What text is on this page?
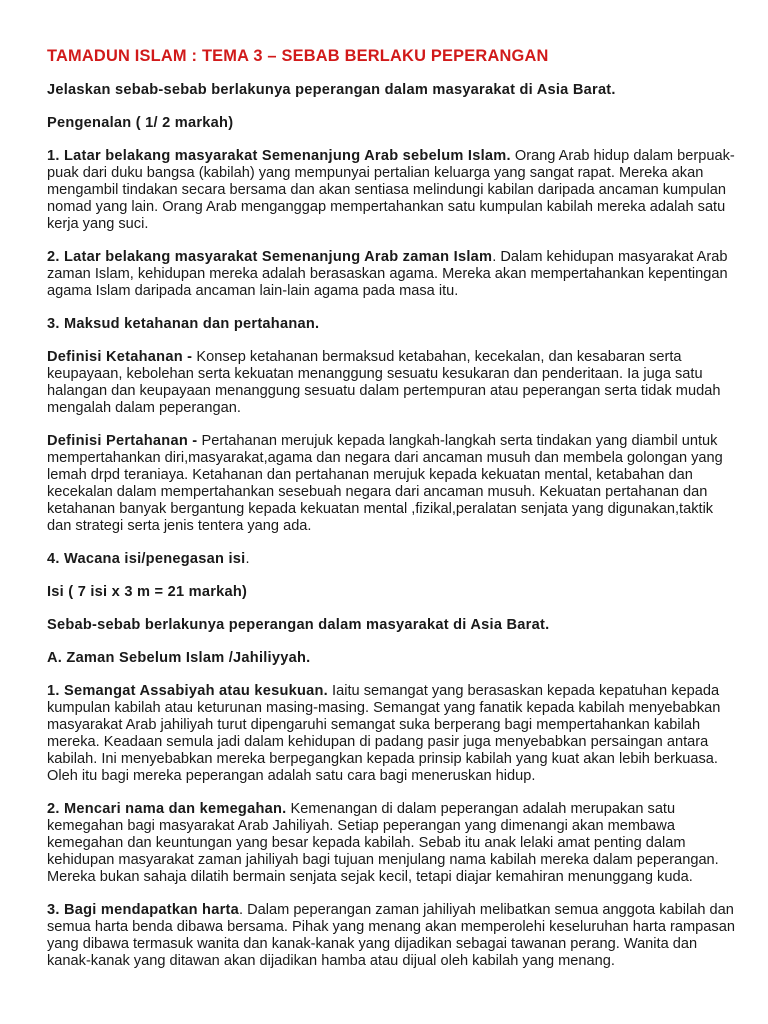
TAMADUN ISLAM : TEMA 3 – SEBAB BERLAKU PEPERANGAN

Jelaskan sebab-sebab berlakunya peperangan dalam masyarakat di Asia Barat.

Pengenalan ( 1/ 2 markah)

1. Latar belakang masyarakat Semenanjung Arab sebelum Islam. Orang Arab hidup dalam berpuak-puak dari duku bangsa (kabilah) yang mempunyai pertalian keluarga yang sangat rapat. Mereka akan mengambil tindakan secara bersama dan akan sentiasa melindungi kabilan daripada ancaman kumpulan nomad yang lain. Orang Arab menganggap mempertahankan satu kumpulan kabilah mereka adalah satu kerja yang suci.

2. Latar belakang masyarakat Semenanjung Arab zaman Islam. Dalam kehidupan masyarakat Arab zaman Islam, kehidupan mereka adalah berasaskan agama. Mereka akan mempertahankan kepentingan agama Islam daripada ancaman lain-lain agama pada masa itu.

3. Maksud ketahanan dan pertahanan.

Definisi Ketahanan - Konsep ketahanan bermaksud ketabahan, kecekalan, dan kesabaran serta keupayaan, kebolehan serta kekuatan menanggung sesuatu kesukaran dan penderitaan. Ia juga satu halangan dan keupayaan menanggung sesuatu dalam pertempuran atau peperangan serta tidak mudah mengalah dalam peperangan.

Definisi Pertahanan - Pertahanan merujuk kepada langkah-langkah serta tindakan yang diambil untuk mempertahankan diri,masyarakat,agama dan negara dari ancaman musuh dan membela golongan yang lemah drpd teraniaya. Ketahanan dan pertahanan merujuk kepada kekuatan mental, ketabahan dan kecekalan dalam mempertahankan sesebuah negara dari ancaman musuh. Kekuatan pertahanan dan ketahanan banyak bergantung kepada kekuatan mental ,fizikal,peralatan senjata yang digunakan,taktik dan strategi serta jenis tentera yang ada.

4. Wacana isi/penegasan isi.

Isi ( 7 isi x 3 m = 21 markah)

Sebab-sebab berlakunya peperangan dalam masyarakat di Asia Barat.

A. Zaman Sebelum Islam /Jahiliyyah.

1. Semangat Assabiyah atau kesukuan. Iaitu semangat yang berasaskan kepada kepatuhan kepada kumpulan kabilah atau keturunan masing-masing. Semangat yang fanatik kepada kabilah menyebabkan masyarakat Arab jahiliyah turut dipengaruhi semangat suka berperang bagi mempertahankan kabilah mereka. Keadaan semula jadi dalam kehidupan di padang pasir juga menyebabkan persaingan antara kabilah. Ini menyebabkan mereka berpegangkan kepada prinsip kabilah yang kuat akan lebih berkuasa. Oleh itu bagi mereka peperangan adalah satu cara bagi meneruskan hidup.

2. Mencari nama dan kemegahan. Kemenangan di dalam peperangan adalah merupakan satu kemegahan bagi masyarakat Arab Jahiliyah. Setiap peperangan yang dimenangi akan membawa kemegahan dan keuntungan yang besar kepada kabilah. Sebab itu anak lelaki amat penting dalam kehidupan masyarakat zaman jahiliyah bagi tujuan menjulang nama kabilah mereka dalam peperangan. Mereka bukan sahaja dilatih bermain senjata sejak kecil, tetapi diajar kemahiran menunggang kuda.

3. Bagi mendapatkan harta. Dalam peperangan zaman jahiliyah melibatkan semua anggota kabilah dan semua harta benda dibawa bersama. Pihak yang menang akan memperolehi keseluruhan harta rampasan yang dibawa termasuk wanita dan kanak-kanak yang dijadikan sebagai tawanan perang. Wanita dan kanak-kanak yang ditawan akan dijadikan hamba atau dijual oleh kabilah yang menang.
